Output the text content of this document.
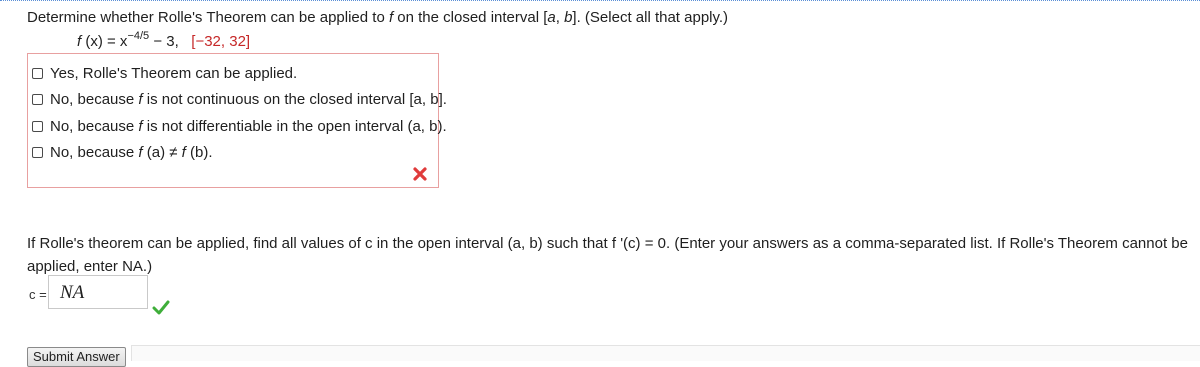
Determine whether Rolle's Theorem can be applied to f on the closed interval [a, b]. (Select all that apply.)
f $(x) = x^{-4/5} - 3$, [−32, 32]
Yes, Rolle's Theorem can be applied.
No, because f is not continuous on the closed interval [a, b].
No, because f is not differentiable in the open interval (a, b).
No, because f (a) ≠ f (b).
If Rolle's theorem can be applied, find all values of c in the open interval (a, b) such that f '(c) = 0. (Enter your answers as a comma-separated list. If Rolle's Theorem cannot be applied, enter NA.)
c = NA
Submit Answer
